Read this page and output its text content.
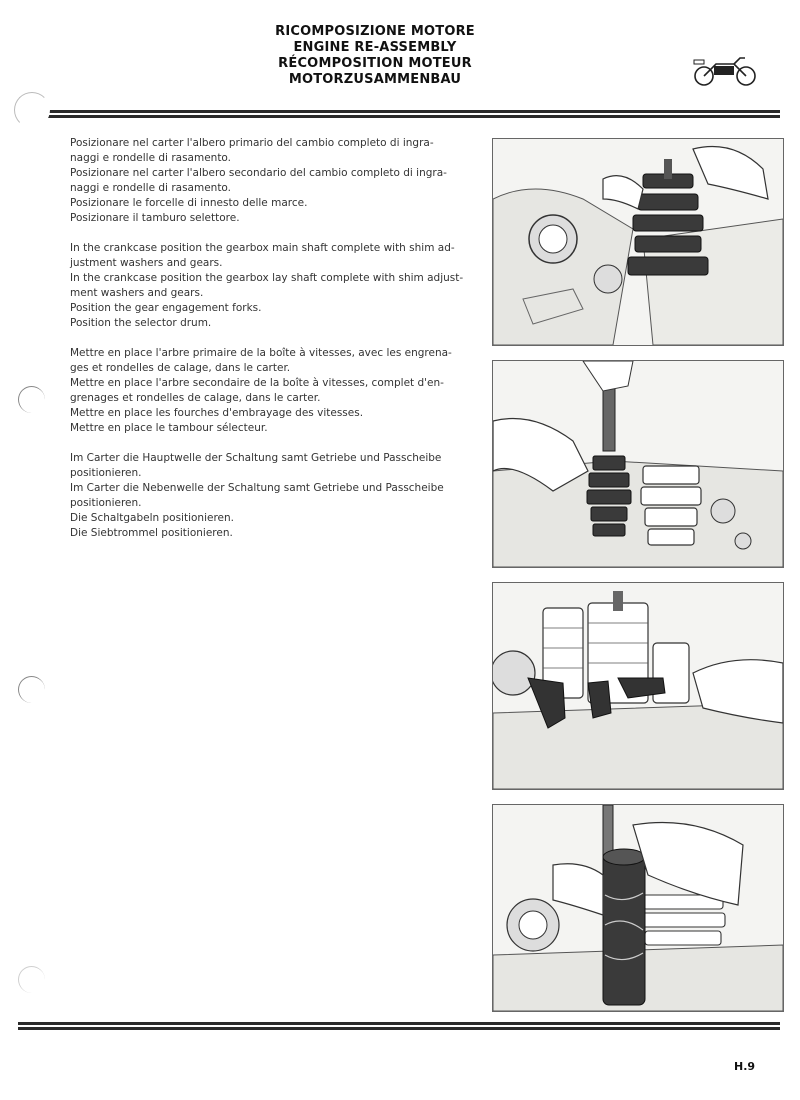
RICOMPOSIZIONE MOTORE
ENGINE RE-ASSEMBLY
RÉCOMPOSITION MOTEUR
MOTORZUSAMMENBAU
Posizionare nel carter l'albero primario del cambio completo di ingra-
naggi e rondelle di rasamento.
Posizionare nel carter l'albero secondario del cambio completo di ingra-
naggi e rondelle di rasamento.
Posizionare le forcelle di innesto delle marce.
Posizionare il tamburo selettore.
In the crankcase position the gearbox main shaft complete with shim ad-
justment washers and gears.
In the crankcase position the gearbox lay shaft complete with shim adjust-
ment washers and gears.
Position the gear engagement forks.
Position the selector drum.
Mettre en place l'arbre primaire de la boîte à vitesses, avec les engrena-
ges et rondelles de calage, dans le carter.
Mettre en place l'arbre secondaire de la boîte à vitesses, complet d'en-
grenages et rondelles de calage, dans le carter.
Mettre en place les fourches d'embrayage des vitesses.
Mettre en place le tambour sélecteur.
Im Carter die Hauptwelle der Schaltung samt Getriebe und Passcheibe
positionieren.
Im Carter die Nebenwelle der Schaltung samt Getriebe und Passcheibe
positionieren.
Die Schaltgabeln positionieren.
Die Siebtrommel positionieren.
H.9
